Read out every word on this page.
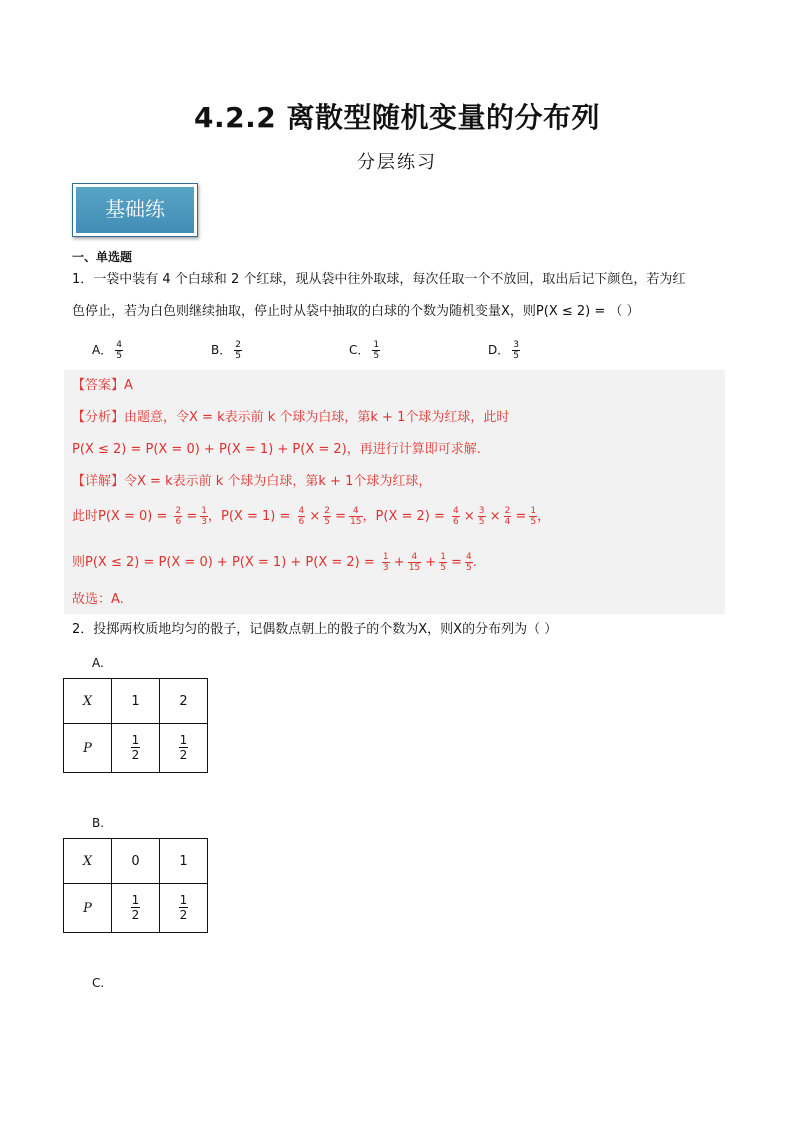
4.2.2 离散型随机变量的分布列
分层练习
基础练
一、单选题
1．一袋中装有 4 个白球和 2 个红球，现从袋中往外取球，每次任取一个不放回，取出后记下颜色，若为红
色停止，若为白色则继续抽取，停止时从袋中抽取的白球的个数为随机变量X，则P(X ≤ 2) = （ ）
A． $\frac{4}{5}$	B． $\frac{2}{5}$	C． $\frac{1}{5}$	D． $\frac{3}{5}$
【答案】A
【分析】由题意，令X = k表示前 k 个球为白球，第k + 1个球为红球，此时
P(X ≤ 2) = P(X = 0) + P(X = 1) + P(X = 2)，再进行计算即可求解.
【详解】令X = k表示前 k 个球为白球，第k + 1个球为红球，
此时$P(X = 0) = \frac{2}{6} = \frac{1}{3}$ ，$P(X = 1) = \frac{4}{6} \times \frac{2}{5} = \frac{4}{15}$ ，$P(X = 2) = \frac{4}{6} \times \frac{3}{5} \times \frac{2}{4} = \frac{1}{5}$ ，
则$P(X \le 2) = P(X = 0) + P(X = 1) + P(X = 2) = \frac{1}{3} + \frac{4}{15} + \frac{1}{5} = \frac{4}{5}$ .
故选：A.
2．投掷两枚质地均匀的骰子，记偶数点朝上的骰子的个数为X，则X的分布列为（ ）
A.
X	1	2
P	$\frac{1}{2}$	$\frac{1}{2}$
B.
X	0	1
P	$\frac{1}{2}$	$\frac{1}{2}$
C.
